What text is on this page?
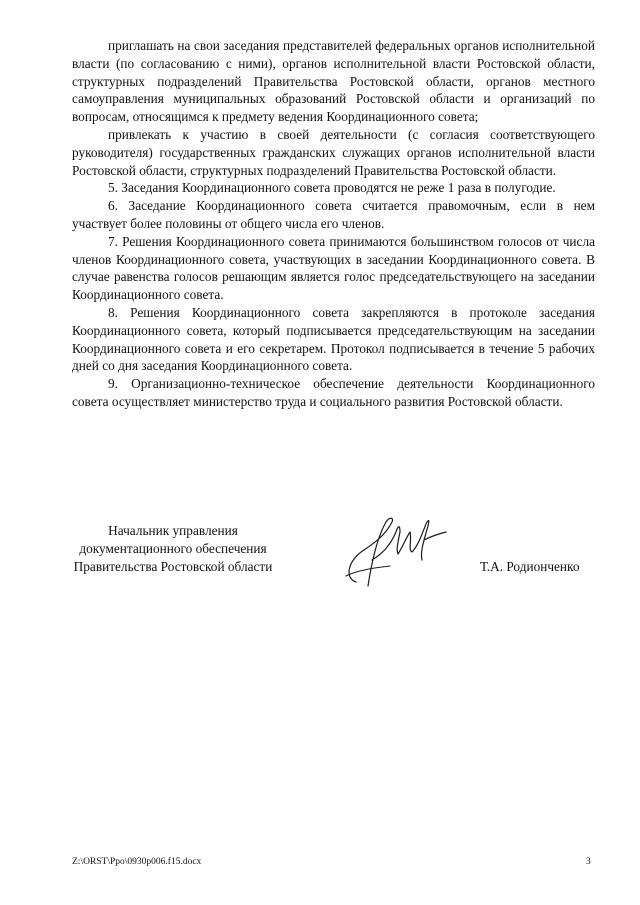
приглашать на свои заседания представителей федеральных органов исполнительной власти (по согласованию с ними), органов исполнительной власти Ростовской области, структурных подразделений Правительства Ростовской области, органов местного самоуправления муниципальных образований Ростовской области и организаций по вопросам, относящимся к предмету ведения Координационного совета;

привлекать к участию в своей деятельности (с согласия соответствующего руководителя) государственных гражданских служащих органов исполнительной власти Ростовской области, структурных подразделений Правительства Ростовской области.

5. Заседания Координационного совета проводятся не реже 1 раза в полугодие.

6. Заседание Координационного совета считается правомочным, если в нем участвует более половины от общего числа его членов.

7. Решения Координационного совета принимаются большинством голосов от числа членов Координационного совета, участвующих в заседании Координационного совета. В случае равенства голосов решающим является голос председательствующего на заседании Координационного совета.

8. Решения Координационного совета закрепляются в протоколе заседания Координационного совета, который подписывается председательствующим на заседании Координационного совета и его секретарем. Протокол подписывается в течение 5 рабочих дней со дня заседания Координационного совета.

9. Организационно-техническое обеспечение деятельности Координационного совета осуществляет министерство труда и социального развития Ростовской области.

Начальник управления
документационного обеспечения
Правительства Ростовской области	Т.А. Родионченко
Z:\ORST\Ppo\0930p006.f15.docx	3
